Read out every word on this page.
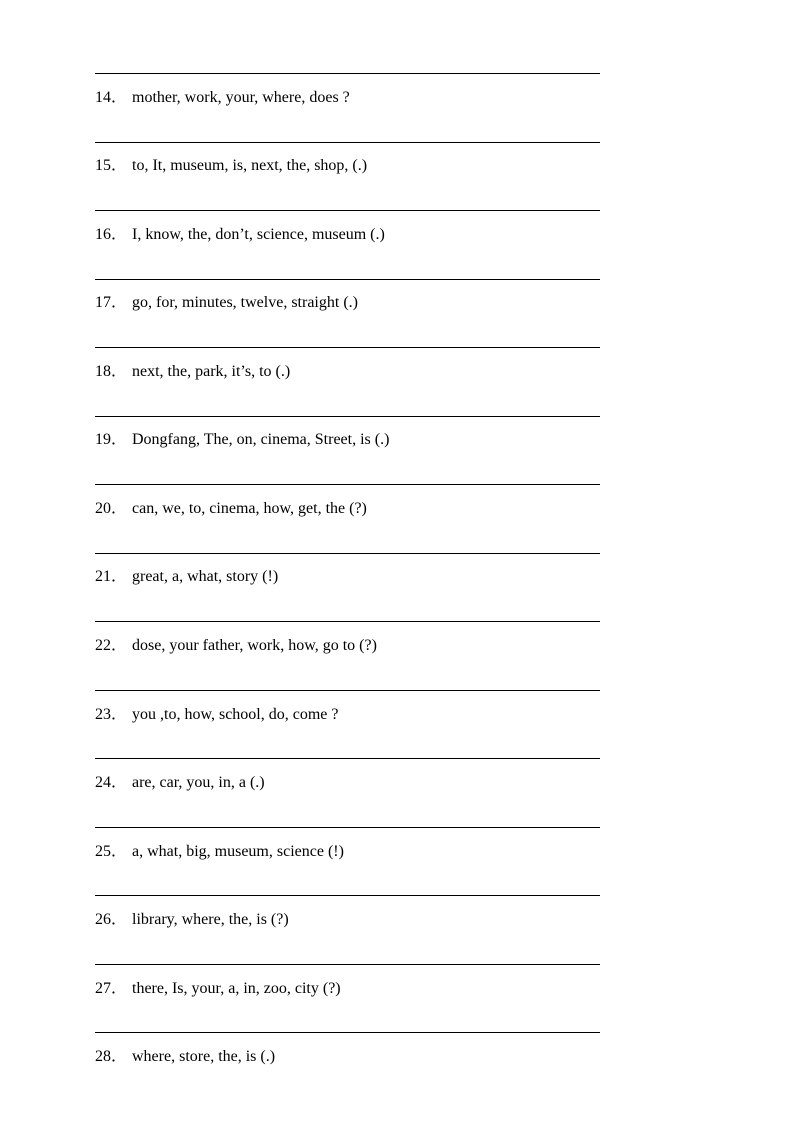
14． mother, work, your, where, does ?
15． to, It, museum, is, next, the, shop, (.)
16． I, know, the, don’t, science, museum (.)
17． go, for, minutes, twelve, straight (.)
18． next, the, park, it’s, to (.)
19． Dongfang, The, on, cinema, Street, is (.)
20． can, we, to, cinema, how, get, the (?)
21． great, a, what, story (!)
22． dose, your father, work, how, go to (?)
23． you ,to, how, school, do, come ?
24． are, car, you, in, a (.)
25． a, what, big, museum, science (!)
26． library, where, the, is (?)
27． there, Is, your, a, in, zoo, city (?)
28． where, store, the, is (.)
